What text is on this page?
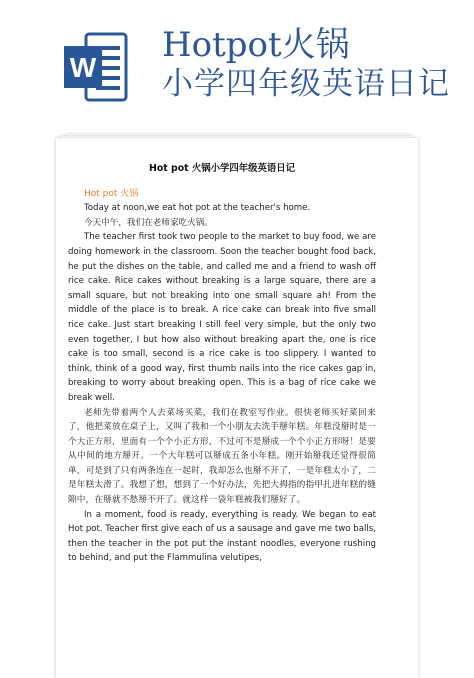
W
Hotpot火锅
小学四年级英语日记
Hot pot 火锅小学四年级英语日记
Hot pot 火锅

Today at noon,we eat hot pot at the teacher's home.

今天中午，我们在老师家吃火锅。

The teacher first took two people to the market to buy food, we are doing homework in the classroom. Soon the teacher bought food back, he put the dishes on the table, and called me and a friend to wash off rice cake. Rice cakes without breaking is a large square, there are a small square, but not breaking into one small square ah! From the middle of the place is to break. A rice cake can break into five small rice cake. Just start breaking I still feel very simple, but the only two even together, I but how also without breaking apart the, one is rice cake is too small, second is a rice cake is too slippery. I wanted to think, think of a good way, first thumb nails into the rice cakes gap in, breaking to worry about breaking open. This is a bag of rice cake we break well.

老师先带着两个人去菜场买菜，我们在教室写作业。很快老师买好菜回来了，他把菜放在桌子上，又叫了我和一个小朋友去洗手掰年糕。年糕没掰时是一个大正方形，里面有一个个小正方形，不过可不是掰成一个个小正方形呀！是要从中间的地方掰开。一个大年糕可以掰成五条小年糕。刚开始掰我还觉得很简单，可是到了只有两条连在一起时，我却怎么也掰不开了，一是年糕太小了，二是年糕太滑了。我想了想，想到了一个好办法，先把大拇指的指甲扎进年糕的缝隙中，在掰就不愁掰不开了。就这样一袋年糕被我们掰好了。

In a moment, food is ready, everything is ready. We began to eat Hot pot. Teacher first give each of us a sausage and gave me two balls, then the teacher in the pot put the instant noodles, everyone rushing to behind, and put the Flammulina velutipes,
